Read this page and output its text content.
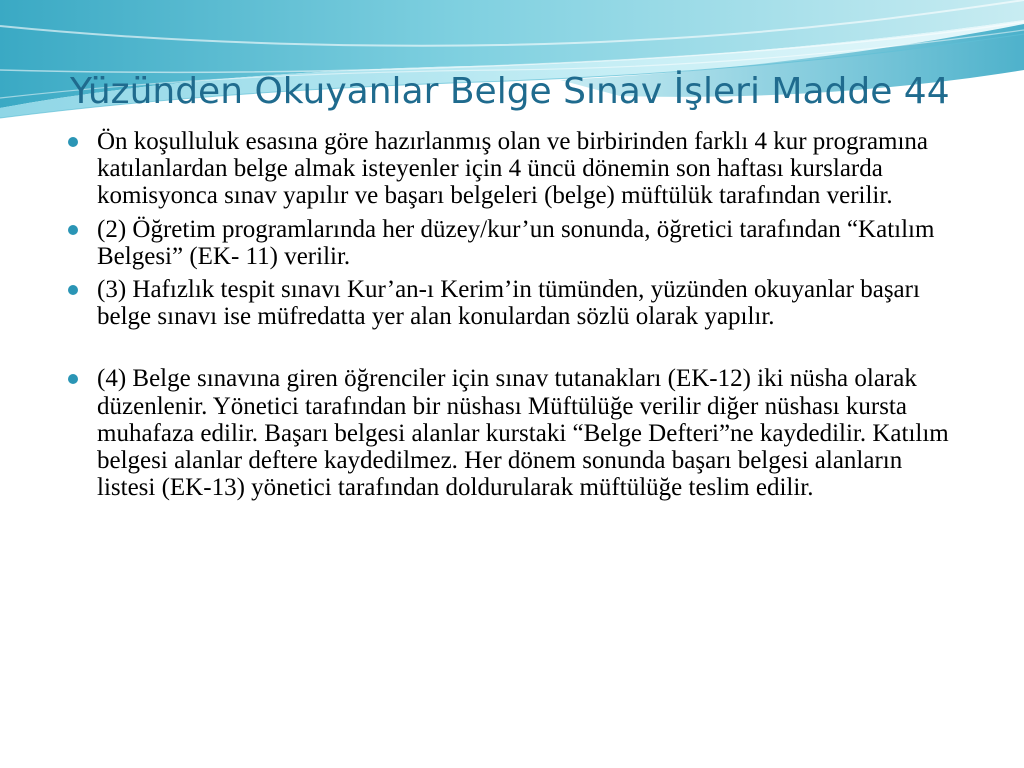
Yüzünden Okuyanlar Belge Sınav İşleri Madde 44
Ön koşulluluk esasına göre hazırlanmış olan ve birbirinden farklı 4 kur programına katılanlardan belge almak isteyenler için 4 üncü dönemin son haftası kurslarda komisyonca sınav yapılır ve başarı belgeleri (belge) müftülük tarafından verilir.
(2) Öğretim programlarında her düzey/kur’un sonunda, öğretici tarafından “Katılım Belgesi” (EK- 11) verilir.
(3) Hafızlık tespit sınavı Kur’an-ı Kerim’in tümünden, yüzünden okuyanlar başarı belge sınavı ise müfredatta yer alan konulardan sözlü olarak yapılır.
(4) Belge sınavına giren öğrenciler için sınav tutanakları (EK-12) iki nüsha olarak düzenlenir. Yönetici tarafından bir nüshası Müftülüğe verilir diğer nüshası kursta muhafaza edilir. Başarı belgesi alanlar kurstaki “Belge Defteri”ne kaydedilir. Katılım belgesi alanlar deftere kaydedilmez. Her dönem sonunda başarı belgesi alanların listesi (EK-13) yönetici tarafından doldurularak müftülüğe teslim edilir.
